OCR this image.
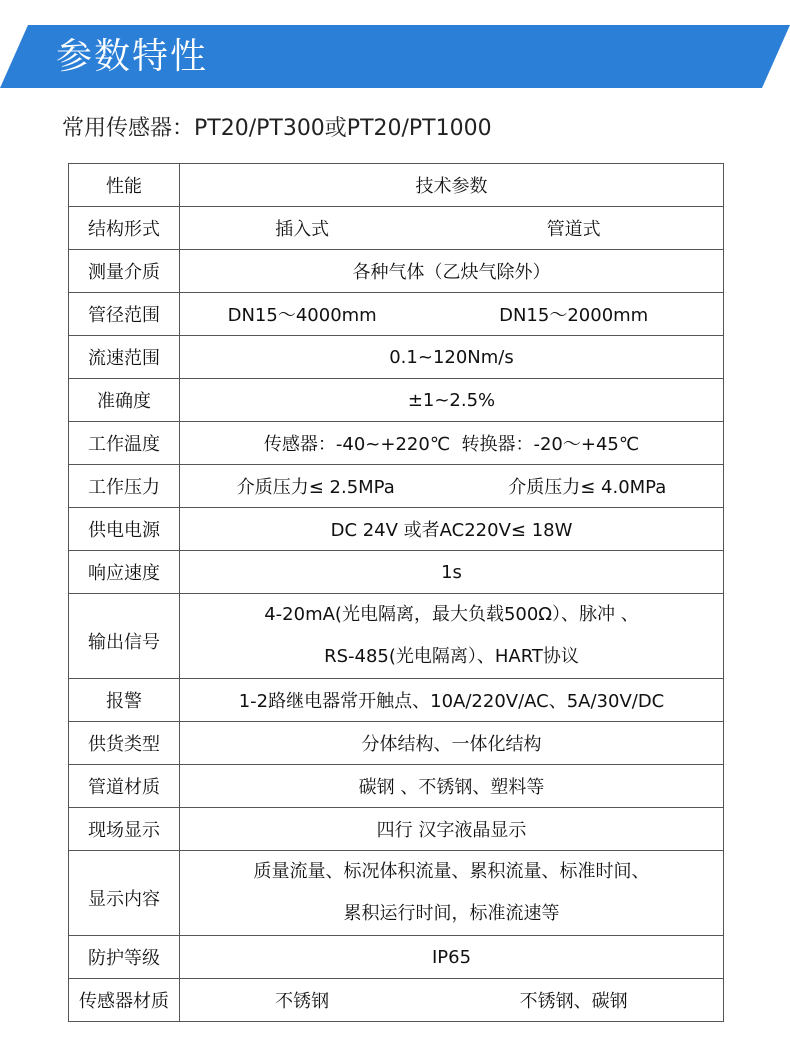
参数特性
常用传感器：PT20/PT300或PT20/PT1000
性能	技术参数
结构形式	插入式 管道式

测量介质	各种气体（乙炔气除外）
管径范围	DN15～4000mm DN15～2000mm

流速范围	0.1~120Nm/s
准确度	±1~2.5%
工作温度	传感器：-40~+220℃  转换器：-20～+45℃
工作压力	介质压力≤ 2.5MPa 介质压力≤ 4.0MPa

供电电源	DC 24V 或者AC220V≤ 18W
响应速度	1s

输出信号	4-20mA(光电隔离，最大负载500Ω）、脉冲 、
RS-485(光电隔离）、HART协议

报警	1-2路继电器常开触点、10A/220V/AC、5A/30V/DC
供货类型	分体结构、一体化结构
管道材质	碳钢 、不锈钢、塑料等
现场显示	四行 汉字液晶显示

显示内容	质量流量、标况体积流量、累积流量、标准时间、
累积运行时间，标准流速等

防护等级	IP65
传感器材质	不锈钢 不锈钢、碳钢
